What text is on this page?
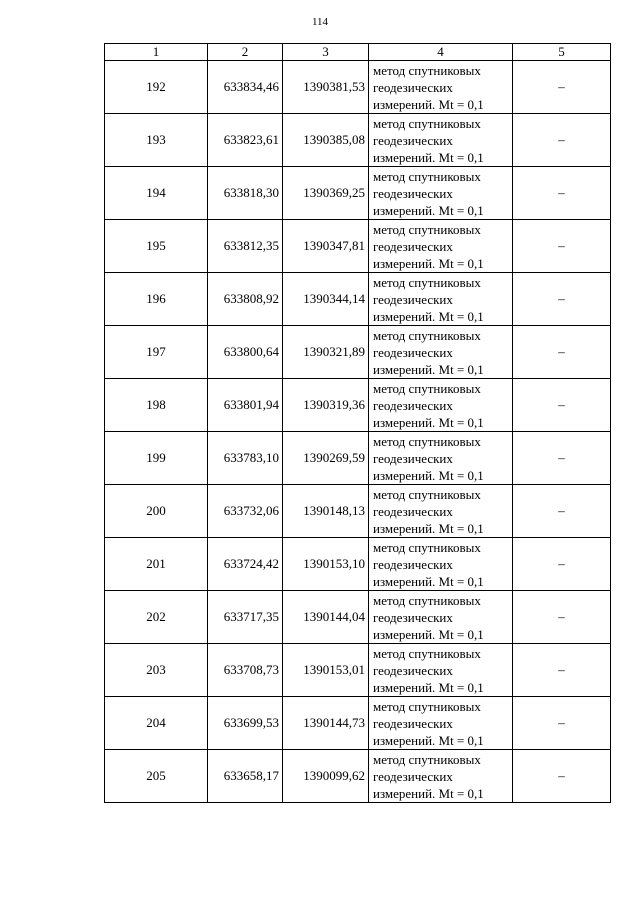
114
1	2	3	4	5
192	633834,46	1390381,53	метод спутниковых
геодезических
измерений. Mt = 0,1	–
193	633823,61	1390385,08	метод спутниковых
геодезических
измерений. Mt = 0,1	–
194	633818,30	1390369,25	метод спутниковых
геодезических
измерений. Mt = 0,1	–
195	633812,35	1390347,81	метод спутниковых
геодезических
измерений. Mt = 0,1	–
196	633808,92	1390344,14	метод спутниковых
геодезических
измерений. Mt = 0,1	–
197	633800,64	1390321,89	метод спутниковых
геодезических
измерений. Mt = 0,1	–
198	633801,94	1390319,36	метод спутниковых
геодезических
измерений. Mt = 0,1	–
199	633783,10	1390269,59	метод спутниковых
геодезических
измерений. Mt = 0,1	–
200	633732,06	1390148,13	метод спутниковых
геодезических
измерений. Mt = 0,1	–
201	633724,42	1390153,10	метод спутниковых
геодезических
измерений. Mt = 0,1	–
202	633717,35	1390144,04	метод спутниковых
геодезических
измерений. Mt = 0,1	–
203	633708,73	1390153,01	метод спутниковых
геодезических
измерений. Mt = 0,1	–
204	633699,53	1390144,73	метод спутниковых
геодезических
измерений. Mt = 0,1	–
205	633658,17	1390099,62	метод спутниковых
геодезических
измерений. Mt = 0,1	–
